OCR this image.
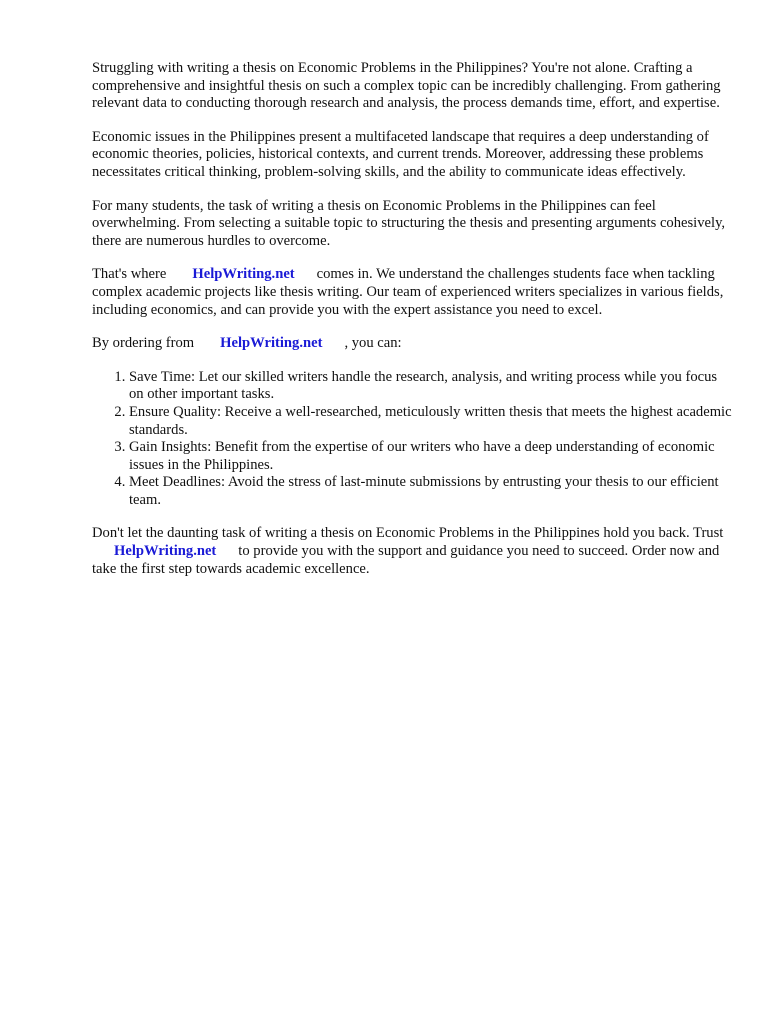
Struggling with writing a thesis on Economic Problems in the Philippines? You're not alone. Crafting a comprehensive and insightful thesis on such a complex topic can be incredibly challenging. From gathering relevant data to conducting thorough research and analysis, the process demands time, effort, and expertise.

Economic issues in the Philippines present a multifaceted landscape that requires a deep understanding of economic theories, policies, historical contexts, and current trends. Moreover, addressing these problems necessitates critical thinking, problem-solving skills, and the ability to communicate ideas effectively.

For many students, the task of writing a thesis on Economic Problems in the Philippines can feel overwhelming. From selecting a suitable topic to structuring the thesis and presenting arguments cohesively, there are numerous hurdles to overcome.

That's where HelpWriting.net comes in. We understand the challenges students face when tackling complex academic projects like thesis writing. Our team of experienced writers specializes in various fields, including economics, and can provide you with the expert assistance you need to excel.

By ordering from HelpWriting.net , you can:

1. Save Time: Let our skilled writers handle the research, analysis, and writing process while you focus on other important tasks.
2. Ensure Quality: Receive a well-researched, meticulously written thesis that meets the highest academic standards.
3. Gain Insights: Benefit from the expertise of our writers who have a deep understanding of economic issues in the Philippines.
4. Meet Deadlines: Avoid the stress of last-minute submissions by entrusting your thesis to our efficient team.

Don't let the daunting task of writing a thesis on Economic Problems in the Philippines hold you back. TrustHelpWriting.net to provide you with the support and guidance you need to succeed. Order now and take the first step towards academic excellence.
